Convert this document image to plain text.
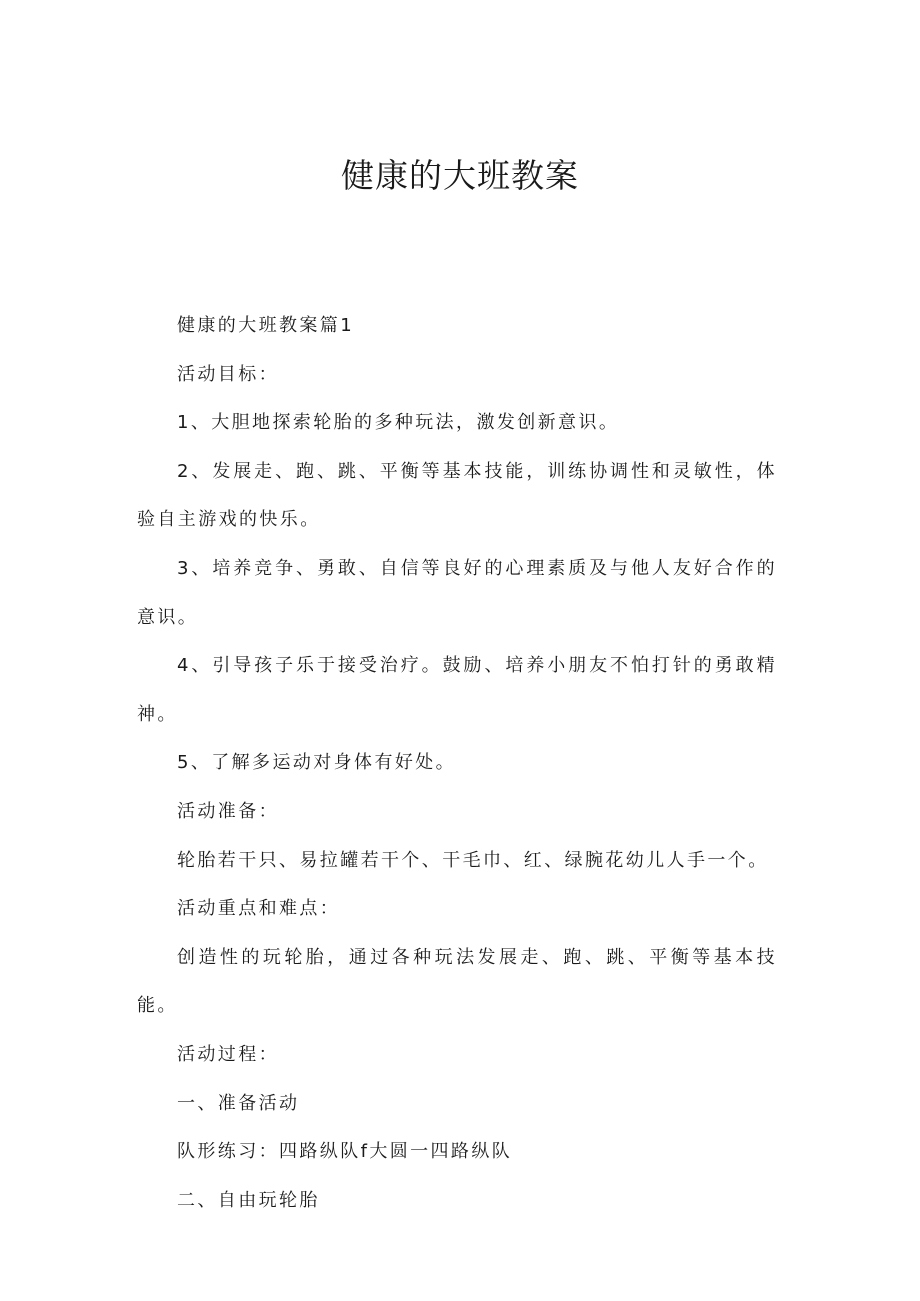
健康的大班教案

健康的大班教案篇1

活动目标：

1、大胆地探索轮胎的多种玩法，激发创新意识。

2、发展走、跑、跳、平衡等基本技能，训练协调性和灵敏性，体验自主游戏的快乐。

3、培养竞争、勇敢、自信等良好的心理素质及与他人友好合作的意识。

4、引导孩子乐于接受治疗。鼓励、培养小朋友不怕打针的勇敢精神。

5、了解多运动对身体有好处。

活动准备：

轮胎若干只、易拉罐若干个、干毛巾、红、绿腕花幼儿人手一个。

活动重点和难点：

创造性的玩轮胎，通过各种玩法发展走、跑、跳、平衡等基本技能。

活动过程：

一、准备活动

队形练习：四路纵队f大圆一四路纵队

二、自由玩轮胎
